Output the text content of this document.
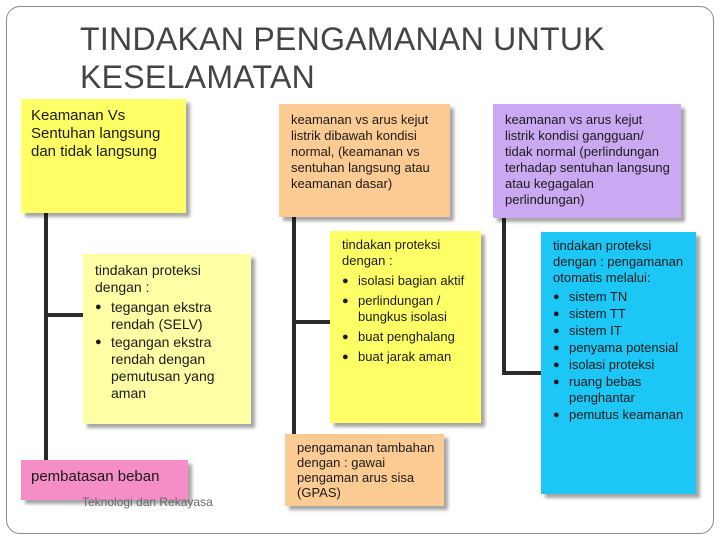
TINDAKAN PENGAMANAN UNTUK KESELAMATAN

Keamanan Vs Sentuhan langsung dan tidak langsung

keamanan vs arus kejut listrik dibawah kondisi normal, (keamanan vs sentuhan langsung atau keamanan dasar)

keamanan vs arus kejut listrik kondisi gangguan/ tidak normal (perlindungan terhadap sentuhan langsung atau kegagalan perlindungan)

tindakan proteksi dengan :

● tegangan ekstra rendah (SELV)
● tegangan ekstra rendah dengan pemutusan yang aman

tindakan proteksi dengan :

● isolasi bagian aktif
● perlindungan / bungkus isolasi
● buat penghalang
● buat jarak aman

tindakan proteksi dengan : pengamanan otomatis melalui:

● sistem TN
● sistem TT
● sistem IT
● penyama potensial
● isolasi proteksi
● ruang bebas penghantar
● pemutus keamanan

pembatasan beban

pengamanan tambahan dengan : gawai pengaman arus sisa (GPAS)

Teknologi dan Rekayasa
